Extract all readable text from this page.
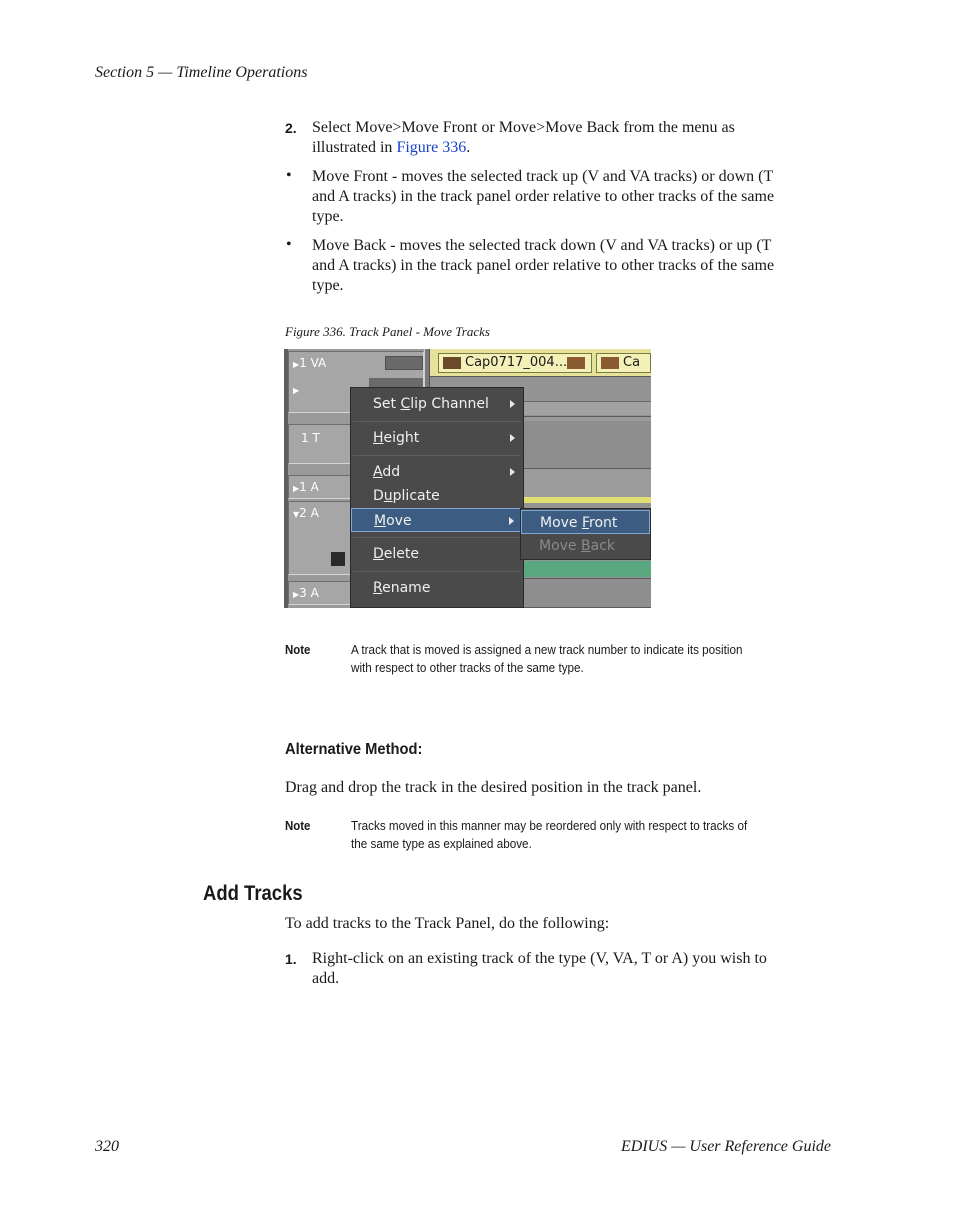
Section 5 — Timeline Operations
2. Select Move>Move Front or Move>Move Back from the menu as
illustrated in Figure 336.
• Move Front - moves the selected track up (V and VA tracks) or down (T
and A tracks) in the track panel order relative to other tracks of the same
type.
• Move Back - moves the selected track down (V and VA tracks) or up (T
and A tracks) in the track panel order relative to other tracks of the same
type.
Figure 336. Track Panel - Move Tracks
▶1 VA
▶
1 T
▶1 A
▼2 A
▶3 A
Cap0717_004...	Ca
Set Clip Channel
Height
Add
Duplicate
Move
Delete
Rename
Move Front
Move Back
Note	A track that is moved is assigned a new track number to indicate its position
with respect to other tracks of the same type.
Alternative Method:
Drag and drop the track in the desired position in the track panel.
Note	Tracks moved in this manner may be reordered only with respect to tracks of
the same type as explained above.
Add Tracks
To add tracks to the Track Panel, do the following:
1. Right-click on an existing track of the type (V, VA, T or A) you wish to
add.
320	EDIUS — User Reference Guide
